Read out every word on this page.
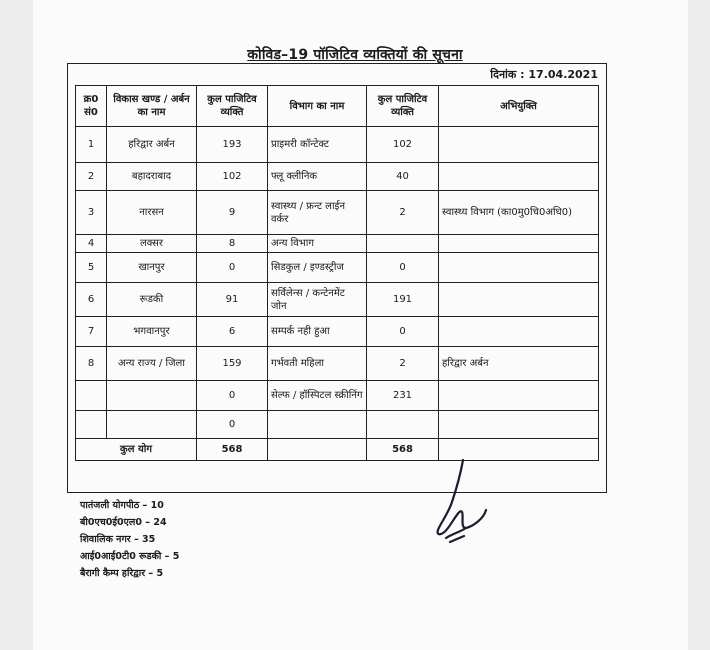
कोविड–19 पॉजिटिव व्यक्तियों की सूचना
दिनांक : 17.04.2021
क्र0 सं0	विकास खण्ड / अर्बन का नाम	कुल पाजिटिव व्यक्ति	विभाग का नाम	कुल पाजिटिव व्यक्ति	अभियुक्ति
1	हरिद्वार अर्बन	193	प्राइमरी कॉन्टेक्ट	102	
2	बहादराबाद	102	फ्लू क्लीनिक	40	
3	नारसन	9	स्वास्थ्य / फ्रन्ट लाईन वर्कर	2	स्वास्थ्य विभाग (का0मु0चि0अधि0)
4	लक्सर	8	अन्य विभाग		
5	खानपुर	0	सिडकुल / इण्डस्ट्रीज	0	
6	रूडकी	91	सर्विलेन्स / कन्टेनमेंट जोन	191	
7	भगवानपुर	6	सम्पर्क नही हुआ	0	
8	अन्य राज्य / जिला	159	गर्भवती महिला	2	हरिद्वार अर्बन
		0	सेल्फ / हॉस्पिटल स्क्रीनिंग	231	
		0			
कुल योग		568		568	
पातंजली योगपीठ – 10
बी0एच0ई0एल0 – 24
शिवालिक नगर – 35
आई0आई0टी0 रूडकी – 5
बैरागी कैम्प हरिद्वार – 5
